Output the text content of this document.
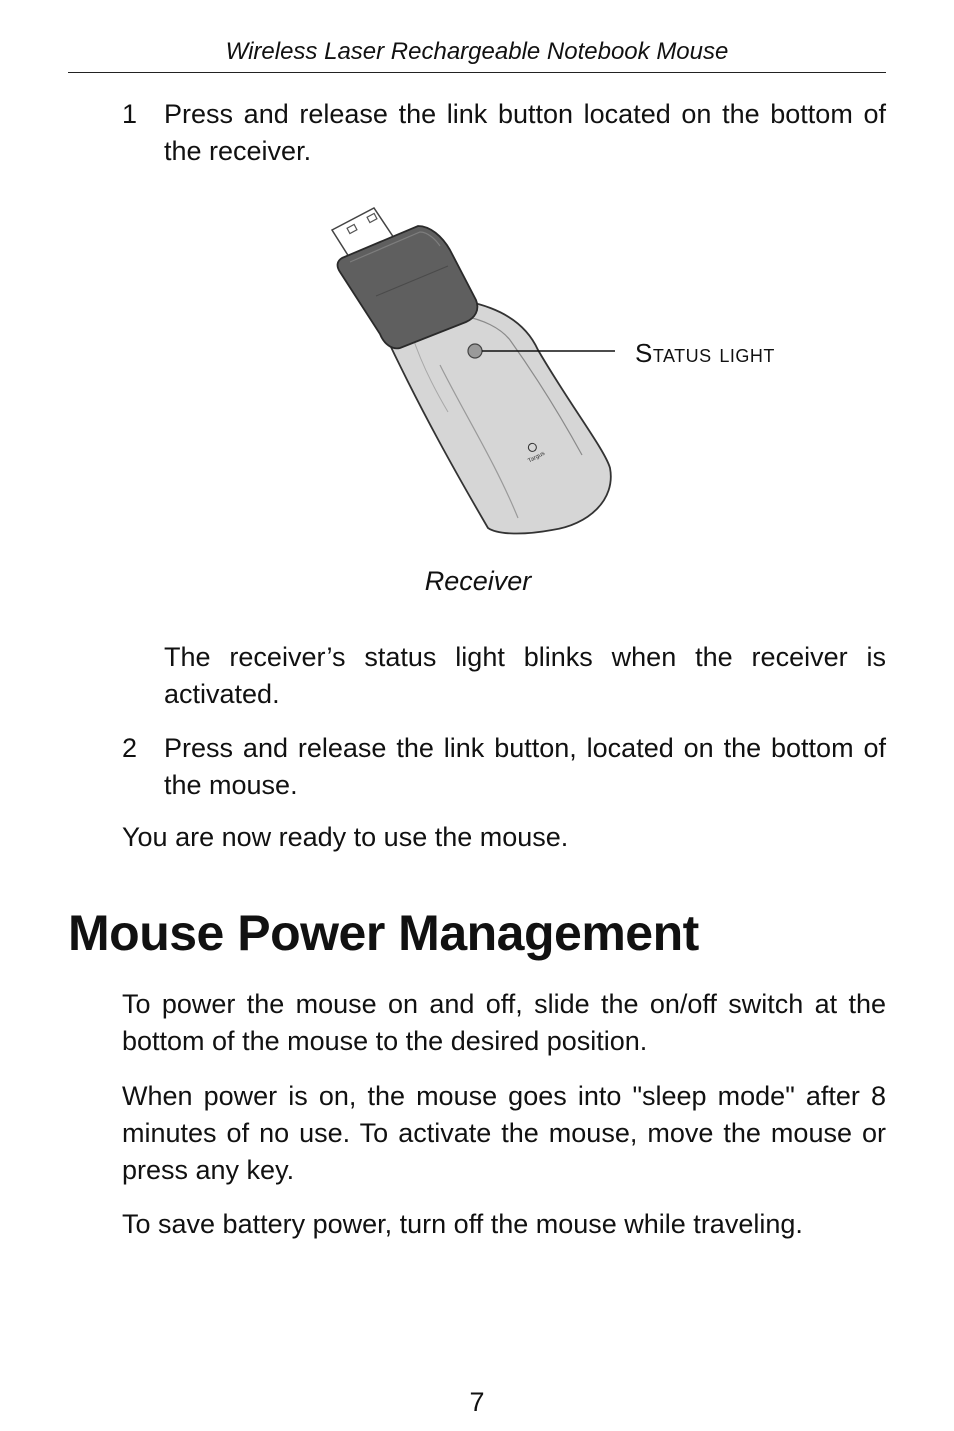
Wireless Laser Rechargeable Notebook Mouse
1 Press and release the link button located on the bottom of the receiver.

Targus
Status light
Receiver

The receiver’s status light blinks when the receiver is activated.

2 Press and release the link button, located on the bottom of the mouse.

You are now ready to use the mouse.

Mouse Power Management

To power the mouse on and off, slide the on/off switch at the bottom of the mouse to the desired position.

When power is on, the mouse goes into "sleep mode" after 8 minutes of no use. To activate the mouse, move the mouse or press any key.

To save battery power, turn off the mouse while traveling.

7
